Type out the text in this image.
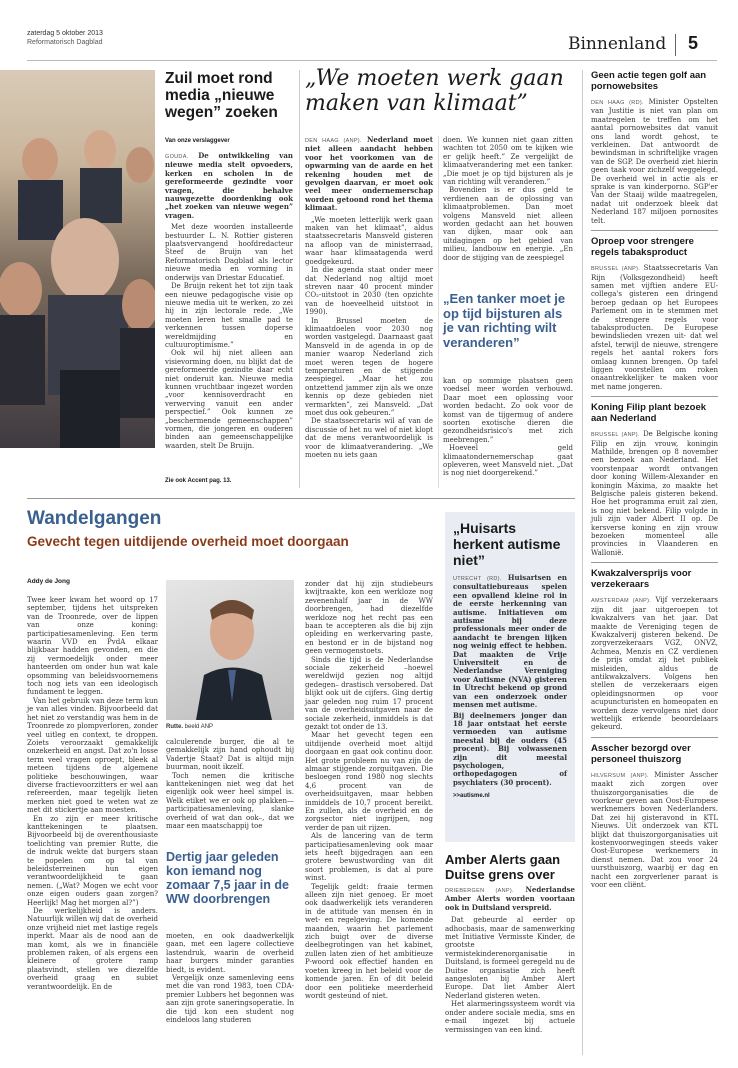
zaterdag 5 oktober 2013
Reformatorisch Dagblad	Binnenland 5
Zuil moet rond media „nieuwe wegen” zoeken
Van onze verslaggever

GOUDA. De ontwikkeling van nieuwe media stelt opvoeders, kerken en scholen in de gereformeerde gezindte voor vragen, die behalve nauwgezette doordenking ook „het zoeken van nieuwe wegen” vragen.

Met deze woorden installeerde bestuurder L. N. Rottier gisteren plaatsvervangend hoofdredacteur Steef de Bruijn van het Reformatorisch Dagblad als lector nieuwe media en vorming in onderwijs van Driestar Educatief.

De Bruijn rekent het tot zijn taak een nieuwe pedagogische visie op nieuwe media uit te werken, zo zei hij in zijn lectorale rede. „We moeten leren het smalle pad te verkennen tussen doperse wereldmijding en cultuuroptimisme.”

Ook wil hij niet alleen aan visievorming doen, nu blijkt dat de gereformeerde gezindte daar echt niet onderuit kan. Nieuwe media kunnen vruchtbaar ingezet worden „voor kennisoverdracht en verwerving vanuit een ander perspectief.” Ook kunnen ze „beschermende gemeenschappen” vormen, die jongeren en ouderen binden aan gemeenschappelijke waarden, stelt De Bruijn.

Zie ook Accent pag. 13.
„We moeten werk gaan maken van klimaat”

DEN HAAG (ANP). Nederland moet niet alleen aandacht hebben voor het voorkomen van de opwarming van de aarde en het rekening houden met de gevolgen daarvan, er moet ook veel meer ondernemerschap worden getoond rond het thema klimaat.

„We moeten letterlijk werk gaan maken van het klimaat”, aldus staatssecretaris Mansveld gisteren na afloop van de ministerraad, waar haar klimaatagenda werd goedgekeurd.

In die agenda staat onder meer dat Nederland nog altijd moet streven naar 40 procent minder CO₂-uitstoot in 2030 (ten opzichte van de hoeveelheid uitstoot in 1990).

In Brussel moeten de klimaatdoelen voor 2030 nog worden vastgelegd. Daarnaast gaat Mansveld in de agenda in op de manier waarop Nederland zich moet weren tegen de hogere temperaturen en de stijgende zeespiegel. „Maar het zou ontzettend jammer zijn als we onze kennis op deze gebieden niet vermarkten”, zei Mansveld. „Dat moet dus ook gebeuren.”

De staatssecretaris wil af van de discussie of het nu wel of niet klopt dat de mens verantwoordelijk is voor de klimaatverandering. „We moeten nu iets gaan

doen. We kunnen niet gaan zitten wachten tot 2050 om te kijken wie er gelijk heeft.” Ze vergelijkt de klimaatverandering met een tanker. „Die moet je op tijd bijsturen als je van richting wilt veranderen.”

Bovendien is er dus geld te verdienen aan de oplossing van klimaatproblemen. Dan moet volgens Mansveld niet alleen worden gedacht aan het bouwen van dijken, maar ook aan uitdagingen op het gebied van milieu, landbouw en energie. „En door de stijging van de zeespiegel

„Een tanker moet je op tijd bijsturen als je van richting wilt veranderen”

kan op sommige plaatsen geen voedsel meer worden verbouwd. Daar moet een oplossing voor worden bedacht. Zo ook voor de komst van de tijgermug of andere soorten exotische dieren die gezondheidsrisico's met zich meebrengen.”

Hoeveel geld klimaatondernemerschap gaat opleveren, weet Mansveld niet. „Dat is nog niet doorgerekend.”

Geen actie tegen golf aan pornowebsites
DEN HAAG (RD). Minister Opstelten van Justitie is niet van plan om maatregelen te treffen om het aantal pornowebsites dat vanuit ons land wordt gehost, te verkleinen. Dat antwoordt de bewindsman in schriftelijke vragen van de SGP. De overheid ziet hierin geen taak voor zichzelf weggelegd. De overheid wel in actie als er sprake is van kinderporno. SGP'er Van der Staaij wilde maatregelen, nadat uit onderzoek bleek dat Nederland 187 miljoen pornosites telt.
Oproep voor strengere regels tabaksproduct
BRUSSEL (ANP). Staatssecretaris Van Rijn (Volksgezondheid) heeft samen met vijftien andere EU-collega's gisteren een dringend beroep gedaan op het Europees Parlement om in te stemmen met de strengere regels voor tabaksproducten. De Europese bewindslieden vrezen uit- dat wel afstel, terwijl de nieuwe, strengere regels het aantal rokers fors omlaag kunnen brengen. Op tafel liggen voorstellen om roken onaantrekkelijker te maken voor met name jongeren.
Koning Filip plant bezoek aan Nederland
BRUSSEL (ANP). De Belgische koning Filip en zijn vrouw, koningin Mathilde, brengen op 8 november een bezoek aan Nederland. Het voorstenpaar wordt ontvangen door koning Willem-Alexander en koningin Máxima, zo maakte het Belgische paleis gisteren bekend. Hoe het programma eruit zal zien, is nog niet bekend. Filip volgde in juli zijn vader Albert II op. De kersverse koning en zijn vrouw bezoeken momenteel alle provincies in Vlaanderen en Wallonië.
Kwakzalversprijs voor verzekeraars
AMSTERDAM (ANP). Vijf verzekeraars zijn dit jaar uitgeroepen tot kwakzalvers van het jaar. Dat maakte de Vereniging tegen de Kwakzalverij gisteren bekend. De zorgverzekeraars VGZ, ONVZ, Achmea, Menzis en CZ verdienen de prijs omdat zij het publiek misleiden, aldus de antikwakzalvers. Volgens hen stellen de verzekeraars eigen opleidingsnormen op voor acupuncturisten en homeopaten en worden deze vervolgens niet door wettelijk erkende beoordelaars gekeurd.
Asscher bezorgd over personeel thuiszorg
HILVERSUM (ANP). Minister Asscher maakt zich zorgen over thuiszorgorganisaties die de voorkeur geven aan Oost-Europese werknemers boven Nederlanders. Dat zei hij gisteravond in KTL Nieuws. Uit onderzoek van KTL blijkt dat thuiszorgorganisaties uit kostenvoorwegingen steeds vaker Oost-Europese werknemers in dienst nemen. Dat zou voor 24 uursthuiszorg, waarbij er dag en nacht een zorgverlener paraat is voor een cliënt.
Wandelgangen
Gevecht tegen uitdijende overheid moet doorgaan
Addy de Jong

Twee keer kwam het woord op 17 september, tijdens het uitspreken van de Troonrede, over de lippen van onze koning: participatiesamenleving. Een term waarin VVD en PvdA elkaar blijkbaar hadden gevonden, en die zij vermoedelijk onder meer hanteerden om onder hun wat kale opsomming van beleidsvoornemens toch nog iets van een ideologisch fundament te leggen.

Van het gebruik van deze term kun je van alles vinden. Bijvoorbeeld dat het niet zo verstandig was hem in de Troonrede zo plompverloren, zonder veel uitleg en context, te droppen. Zoiets veroorzaakt gemakkelijk onzekerheid en angst. Dat zo'n losse term veel vragen oproept, bleek al meteen tijdens de algemene politieke beschouwingen, waar diverse fractievoorzitters er wel aan refereerden, maar tegelijk lieten merken niet goed te weten wat ze met dit stickertje aan moesten.

En zo zijn er meer kritische kanttekeningen te plaatsen. Bijvoorbeeld bij de overenthousiaste toelichting van premier Rutte, die de indruk wekte dat burgers staan te popelen om op tal van beleidsterreinen hun eigen verantwoordelijkheid te gaan nemen. („Wat? Mogen we echt voor onze eigen ouders gaan zorgen? Heerlijk! Mag het morgen al?”)

De werkelijkheid is anders. Natuurlijk willen wij dat de overheid onze vrijheid niet met lastige regels inperkt. Maar als de nood aan de man komt, als we in financiële problemen raken, of als ergens een kleinere of grotere ramp plaatsvindt, stellen we diezelfde overheid graag en subiet verantwoordelijk. En de

Rutte. beeld ANP

calculerende burger, die al te gemakkelijk zijn hand ophoudt bij Vadertje Staat? Dat is altijd mijn buurman, nooit ikzelf.

Toch nemen die kritische kanttekeningen niet weg dat het eigenlijk ook weer heel simpel is. Welk etiket we er ook op plakken—participatiesamenleving, slanke overheid of wat dan ook–, dat we maar een maatschappij toe

Dertig jaar geleden kon iemand nog zomaar 7,5 jaar in de WW doorbrengen

moeten, en ook daadwerkelijk gaan, met een lagere collectieve lastendruk, waarin de overheid haar burgers minder garanties biedt, is evident.

Vergelijk onze samenleving eens met die van rond 1983, toen CDA-premier Lubbers het begonnen was aan zijn grote saneringsoperatie. In die tijd kon een student nog eindeloos lang studeren

zonder dat hij zijn studiebeurs kwijtraakte, kon een werkloze nog zevenenhalf jaar in de WW doorbrengen, had diezelfde werkloze nog het recht pas een baan te accepteren als die bij zijn opleiding en werkervaring paste, en bestond er in de bijstand nog geen vermogenstoets.

Sinds die tijd is de Nederlandse sociale zekerheid –hoewel wereldwijd gezien nog altijd gedegen– drastisch versobered. Dat blijkt ook uit de cijfers. Ging dertig jaar geleden nog ruim 17 procent van de overheidsuitgaven naar de sociale zekerheid, inmiddels is dat gezakt tot onder de 13.

Maar het gevecht tegen een uitdijende overheid moet altijd doorgaan en gaat ook continu door. Het grote probleem nu van zijn de almaar stijgende zorguitgaven. Die besloegen rond 1980 nog slechts 4,6 procent van de overheidsuitgaven, maar hebben inmiddels de 10,7 procent bereikt. En zullen, als de overheid en de zorgsector niet ingrijpen, nog verder de pan uit rijzen.

Als de lancering van de term participatiesamenleving ook maar iets heeft bijgedragen aan een grotere bewustwording van dit soort problemen, is dat al pure winst.

Tegelijk geldt: fraaie termen alleen zijn niet genoeg. Er moet ook daadwerkelijk iets veranderen in de attitude van mensen én in wet- en regelgeving. De komende maanden, waarin het parlement zich buigt over de diverse deelbegrotingen van het kabinet, zullen laten zien of het ambitieuze P-woord ook effectief handen en voeten kreeg in het beleid voor de komende jaren. En of dit beleid door een politieke meerderheid wordt gesteund of niet.

„Huisarts herkent autisme niet”

UTRECHT (RD). Huisartsen en consultatiebureaus spelen een opvallend kleine rol in de eerste herkenning van autisme. Initiatieven om autisme bij deze professionals meer onder de aandacht te brengen lijken nog weinig effect te hebben. Dat maakten de Vrije Universiteit en de Nederlandse Vereniging voor Autisme (NVA) gisteren in Utrecht bekend op grond van een onderzoek onder mensen met autisme.

Bij deelnemers jonger dan 18 jaar ontstaat het eerste vermoeden van autisme meestal bij de ouders (45 procent). Bij volwassenen zijn dit meestal psychologen, orthopedagogen of psychiaters (30 procent).

>>autisme.nl
Amber Alerts gaan Duitse grens over

DRIEBERGEN (ANP). Nederlandse Amber Alerts worden voortaan ook in Duitsland verspreid.

Dat gebeurde al eerder op adhocbasis, maar de samenwerking met Initiative Vermisste Kinder, de grootste vermistekinderenorganisatie in Duitsland, is formeel geregeld nu de Duitse organisatie zich heeft aangesloten bij Amber Alert Europe. Dat liet Amber Alert Nederland gisteren weten.

Het alarmeringssysteem wordt via onder andere sociale media, sms en e-mail ingezet bij actuele vermissingen van een kind.
